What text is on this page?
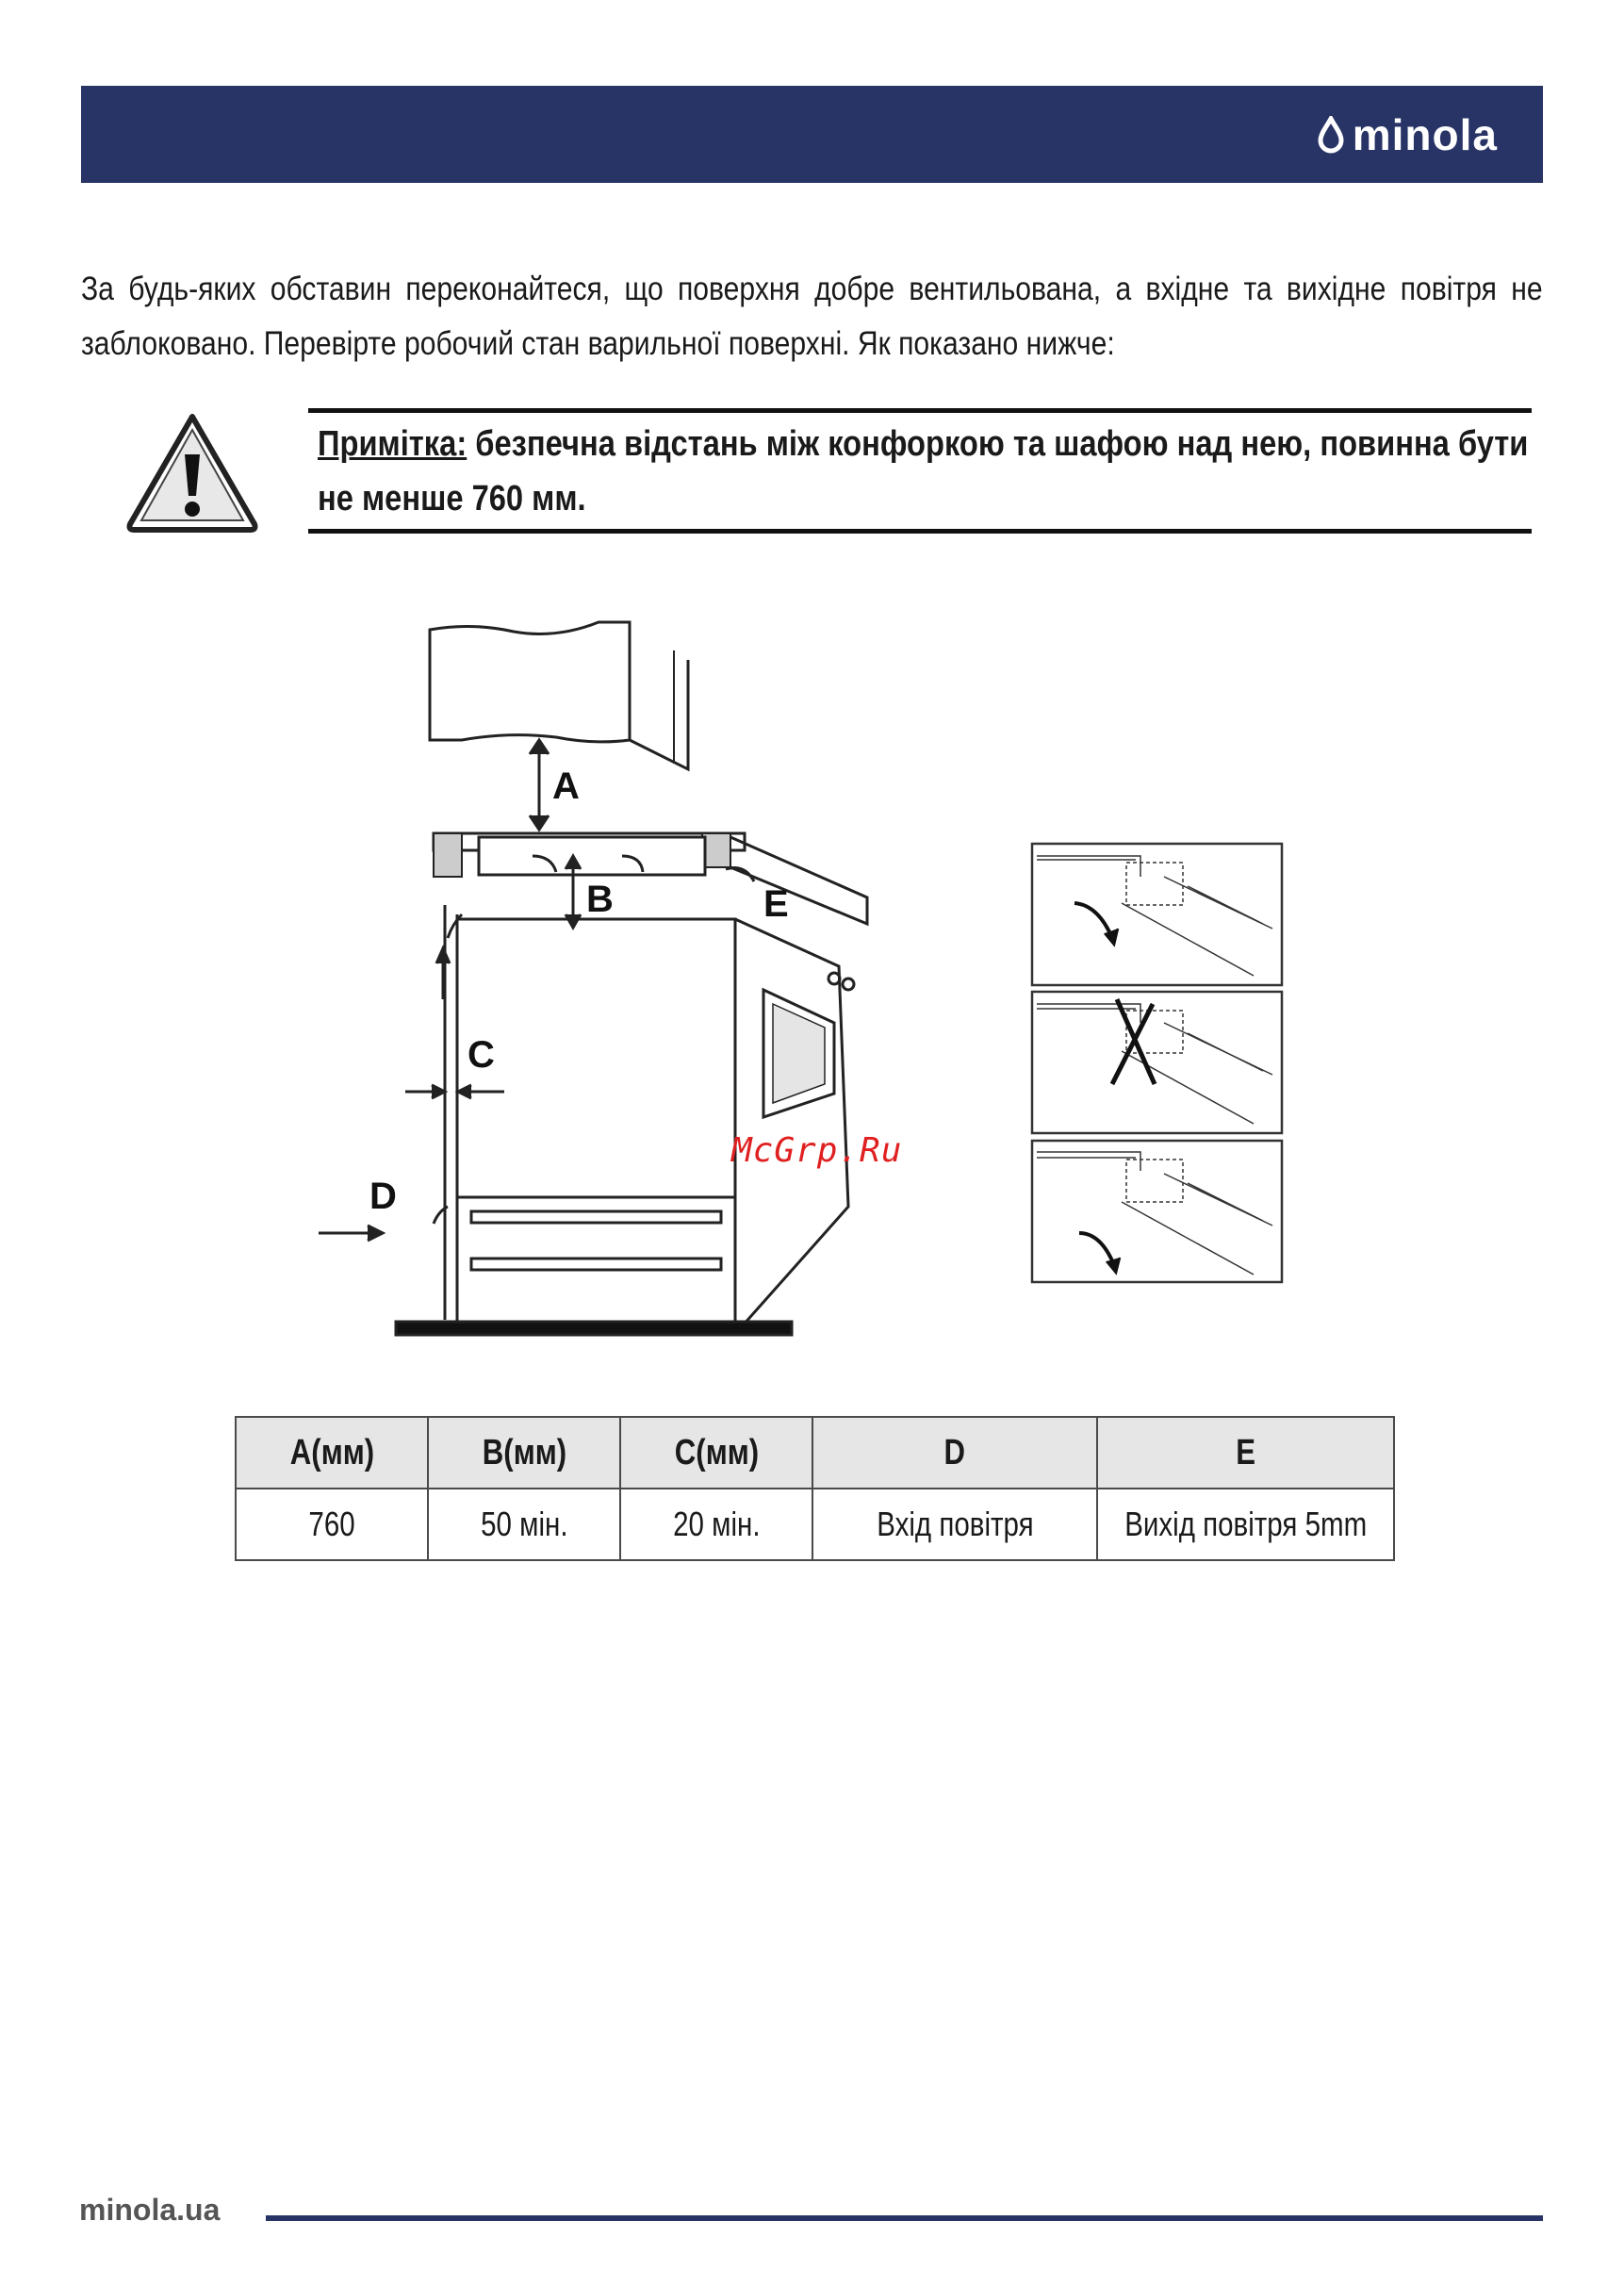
minola
За будь-яких обставин переконайтеся, що поверхня добре вентильована, а вхідне та вихідне повітря не заблоковано. Перевірте робочий стан варильної поверхні. Як показано нижче:
Примітка: безпечна відстань між конфоркою та шафою над нею, повинна бути не менше 760 мм.
A
B
C
D
E
McGrp.Ru
A(мм)	B(мм)	C(мм)	D	E
760	50 мін.	20 мін.	Вхід повітря	Вихід повітря 5mm
minola.ua
